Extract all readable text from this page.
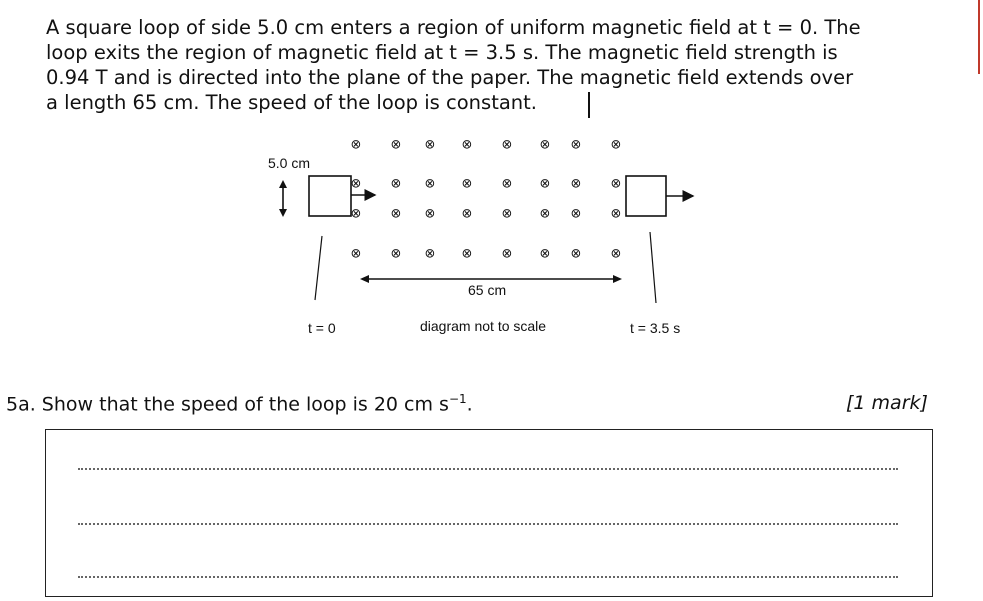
A square loop of side 5.0 cm enters a region of uniform magnetic field at t = 0. The
loop exits the region of magnetic field at t = 3.5 s. The magnetic field strength is
0.94 T and is directed into the plane of the paper. The magnetic field extends over
a length 65 cm. The speed of the loop is constant.
⊗ ⊗ ⊗ ⊗ ⊗ ⊗ ⊗ ⊗
⊗ ⊗ ⊗ ⊗ ⊗ ⊗ ⊗ ⊗
⊗ ⊗ ⊗ ⊗ ⊗ ⊗ ⊗ ⊗
⊗ ⊗ ⊗ ⊗ ⊗ ⊗ ⊗ ⊗
5.0 cm
65 cm
diagram not to scale
t = 0	t = 3.5 s
5a. Show that the speed of the loop is 20 cm $s^{-1}$.	[1 mark]
